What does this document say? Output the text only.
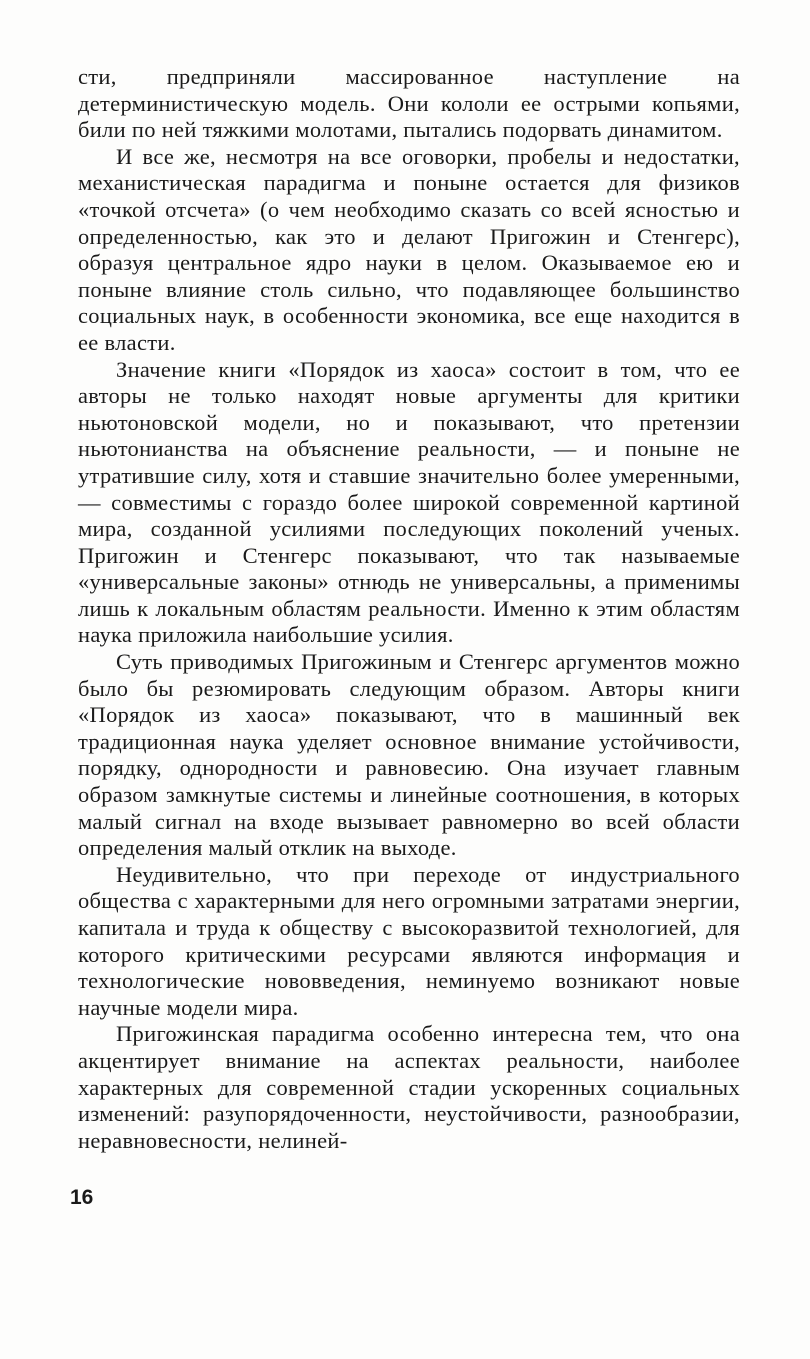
сти, предприняли массированное наступление на детерминистическую модель. Они кололи ее острыми копьями, били по ней тяжкими молотами, пытались подорвать динамитом.

И все же, несмотря на все оговорки, пробелы и недостатки, механистическая парадигма и поныне остается для физиков «точкой отсчета» (о чем необходимо сказать со всей ясностью и определенностью, как это и делают Пригожин и Стенгерс), образуя центральное ядро науки в целом. Оказываемое ею и поныне влияние столь сильно, что подавляющее большинство социальных наук, в особенности экономика, все еще находится в ее власти.

Значение книги «Порядок из хаоса» состоит в том, что ее авторы не только находят новые аргументы для критики ньютоновской модели, но и показывают, что претензии ньютонианства на объяснение реальности, — и поныне не утратившие силу, хотя и ставшие значительно более умеренными, — совместимы с гораздо более широкой современной картиной мира, созданной усилиями последующих поколений ученых. Пригожин и Стенгерс показывают, что так называемые «универсальные законы» отнюдь не универсальны, а применимы лишь к локальным областям реальности. Именно к этим областям наука приложила наибольшие усилия.

Суть приводимых Пригожиным и Стенгерс аргументов можно было бы резюмировать следующим образом. Авторы книги «Порядок из хаоса» показывают, что в машинный век традиционная наука уделяет основное внимание устойчивости, порядку, однородности и равновесию. Она изучает главным образом замкнутые системы и линейные соотношения, в которых малый сигнал на входе вызывает равномерно во всей области определения малый отклик на выходе.

Неудивительно, что при переходе от индустриального общества с характерными для него огромными затратами энергии, капитала и труда к обществу с высокоразвитой технологией, для которого критическими ресурсами являются информация и технологические нововведения, неминуемо возникают новые научные модели мира.

Пригожинская парадигма особенно интересна тем, что она акцентирует внимание на аспектах реальности, наиболее характерных для современной стадии ускоренных социальных изменений: разупорядоченности, неустойчивости, разнообразии, неравновесности, нелиней-

16
